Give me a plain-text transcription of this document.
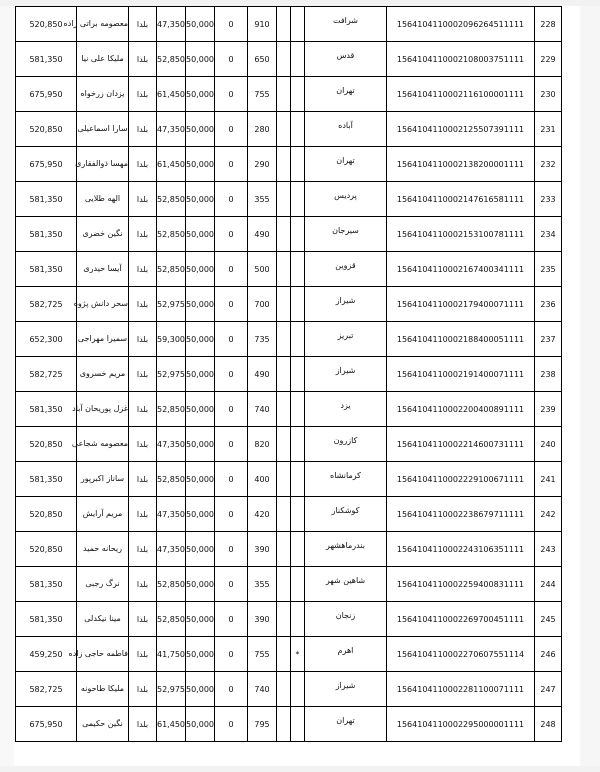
520,850	معصومه براتی زاده	بلدا	47,350	50,000	0	910			شرافت	1564104110002096264511111	228
581,350	ملیکا علی نیا	بلدا	52,850	50,000	0	650			قدس	1564104110002108003751111	229
675,950	یزدان زرخواه	بلدا	61,450	50,000	0	755			تهران	1564104110002116100001111	230
520,850	سارا اسماعیلی	بلدا	47,350	50,000	0	280			آباده	1564104110002125507391111	231
675,950	مهسا ذوالفقاری	بلدا	61,450	50,000	0	290			تهران	1564104110002138200001111	232
581,350	الهه طلایی	بلدا	52,850	50,000	0	355			پردیس	1564104110002147616581111	233
581,350	نگین خضری	بلدا	52,850	50,000	0	490			سیرجان	1564104110002153100781111	234
581,350	آیسا حیدری	بلدا	52,850	50,000	0	500			قزوین	1564104110002167400341111	235
582,725	سحر دانش پژوه	بلدا	52,975	50,000	0	700			شیراز	1564104110002179400071111	236
652,300	سمیرا مهراجی	بلدا	59,300	50,000	0	735			تبریز	1564104110002188400051111	237
582,725	مریم خسروی	بلدا	52,975	50,000	0	490			شیراز	1564104110002191400071111	238
581,350	غزل پوریحان آباد	بلدا	52,850	50,000	0	740			یزد	1564104110002200400891111	239
520,850	معصومه شجاعی	بلدا	47,350	50,000	0	820			کازرون	1564104110002214600731111	240
581,350	ساناز اکبرپور	بلدا	52,850	50,000	0	400			کرمانشاه	1564104110002229100671111	241
520,850	مریم آرایش	بلدا	47,350	50,000	0	420			کوشکنار	1564104110002238679711111	242
520,850	ریحانه حمید	بلدا	47,350	50,000	0	390			بندرماهشهر	1564104110002243106351111	243
581,350	نرگ رجبی	بلدا	52,850	50,000	0	355			شاهین شهر	1564104110002259400831111	244
581,350	مینا نیکدلی	بلدا	52,850	50,000	0	390			زنجان	1564104110002269700451111	245
459,250	فاطمه حاجی زاده	بلدا	41,750	50,000	0	755		*	اهرم	1564104110002270607551114	246
582,725	ملیکا طاحونه	بلدا	52,975	50,000	0	740			شیراز	1564104110002281100071111	247
675,950	نگین حکیمی	بلدا	61,450	50,000	0	795			تهران	1564104110002295000001111	248
